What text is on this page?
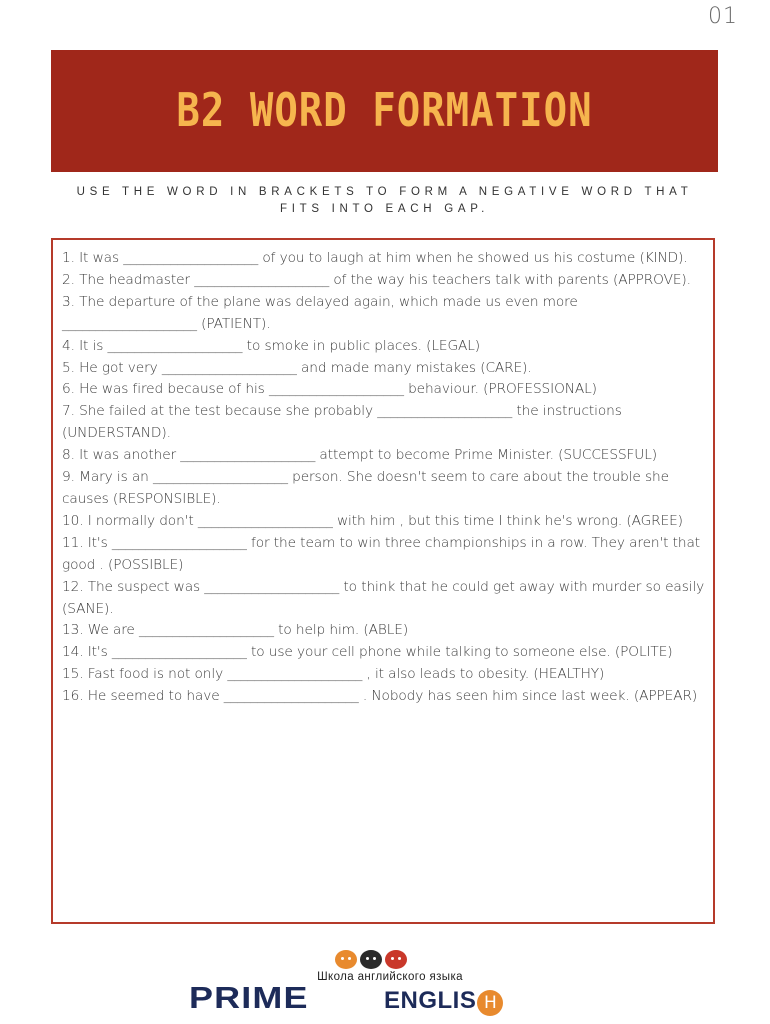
01
B2 WORD FORMATION
USE THE WORD IN BRACKETS TO FORM A NEGATIVE WORD THAT FITS INTO EACH GAP.
1. It was ____________________ of you to laugh at him when he showed us his costume (KIND).
2. The headmaster ____________________ of the way his teachers talk with parents (APPROVE).
3. The departure of the plane was delayed again, which made us even more ____________________ (PATIENT).
4. It is ____________________ to smoke in public places. (LEGAL)
5. He got very ____________________ and made many mistakes (CARE).
6. He was fired because of his ____________________ behaviour. (PROFESSIONAL)
7. She failed at the test because she probably ____________________ the instructions (UNDERSTAND).
8. It was another ____________________ attempt to become Prime Minister. (SUCCESSFUL)
9. Mary is an ____________________ person. She doesn't seem to care about the trouble she causes (RESPONSIBLE).
10. I normally don't ____________________ with him , but this time I think he's wrong. (AGREE)
11. It's ____________________ for the team to win three championships in a row. They aren't that good . (POSSIBLE)
12. The suspect was ____________________ to think that he could get away with murder so easily (SANE).
13. We are ____________________ to help him. (ABLE)
14. It's ____________________ to use your cell phone while talking to someone else. (POLITE)
15. Fast food is not only ____________________ , it also leads to obesity. (HEALTHY)
16. He seemed to have ____________________ . Nobody has seen him since last week. (APPEAR)
Школа английского языка
PRIME	ENGLIS H
